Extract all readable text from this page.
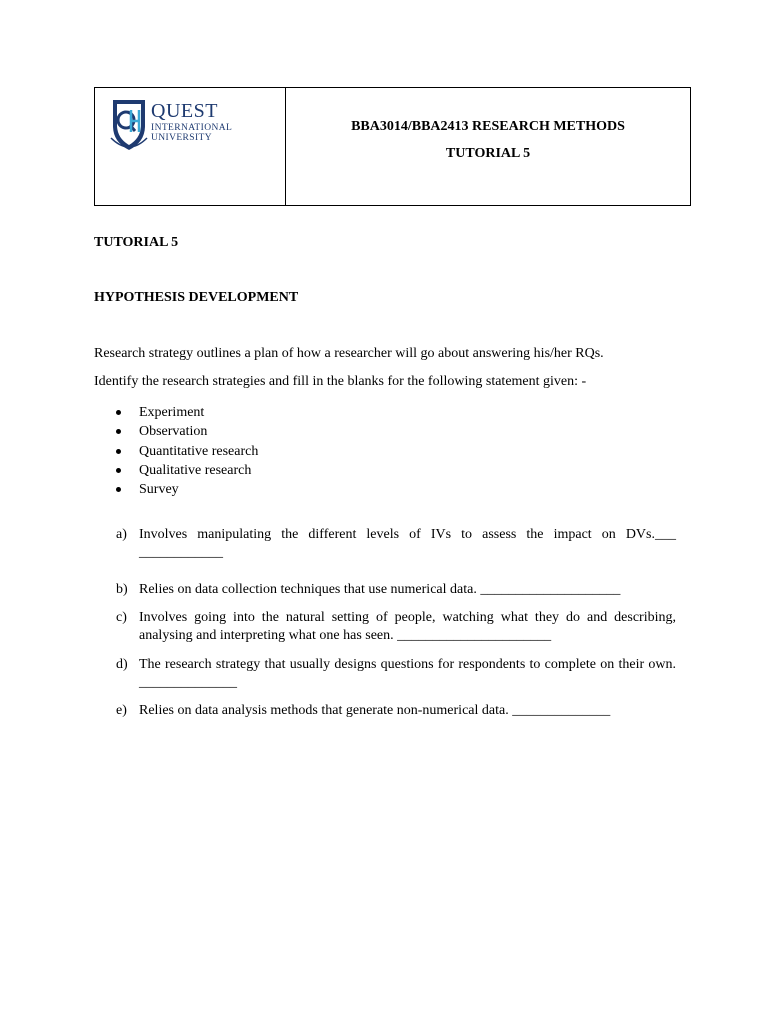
QUEST
INTERNATIONAL
UNIVERSITY
BBA3014/BBA2413 RESEARCH METHODS
TUTORIAL 5
TUTORIAL 5
HYPOTHESIS DEVELOPMENT
Research strategy outlines a plan of how a researcher will go about answering his/her RQs.
Identify the research strategies and fill in the blanks for the following statement given: -
Experiment
Observation
Quantitative research
Qualitative research
Survey
a) Involves manipulating the different levels of IVs to assess the impact on DVs.___ ____________
b) Relies on data collection techniques that use numerical data. ____________________
c) Involves going into the natural setting of people, watching what they do and describing, analysing and interpreting what one has seen. ______________________
d) The research strategy that usually designs questions for respondents to complete on their own. ______________
e) Relies on data analysis methods that generate non-numerical data. ______________
